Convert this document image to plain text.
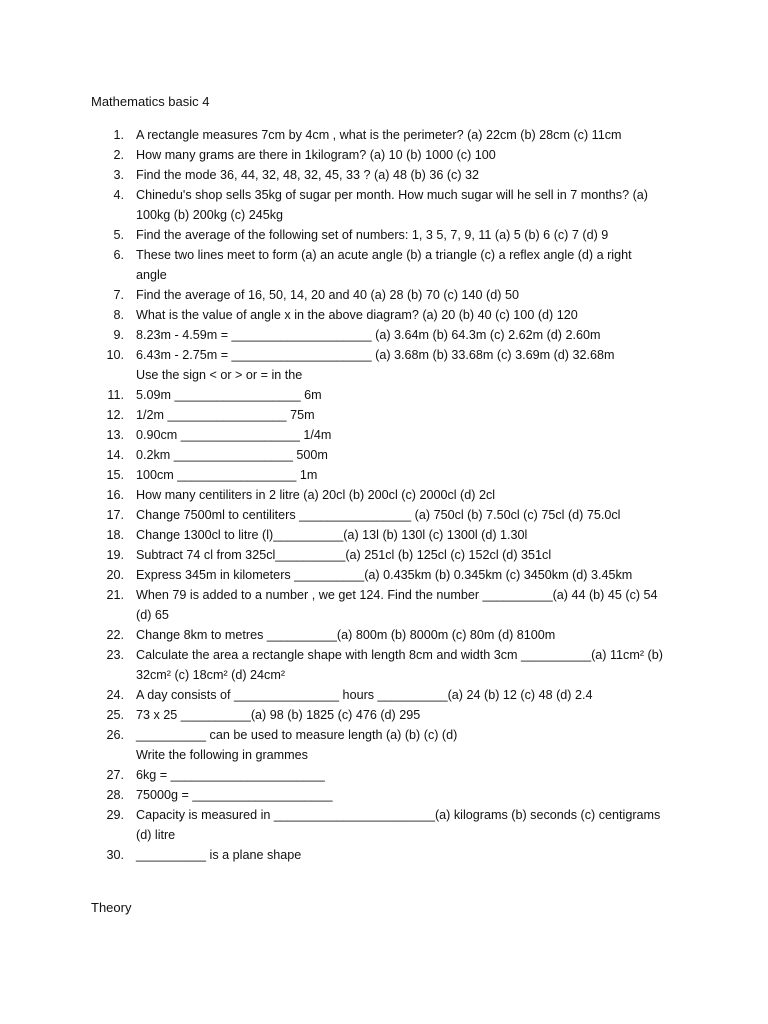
Mathematics basic 4
1. A rectangle measures 7cm by 4cm , what is the perimeter? (a) 22cm (b) 28cm (c) 11cm
2. How many grams are there in 1kilogram? (a) 10 (b) 1000 (c) 100
3. Find the mode 36, 44, 32, 48, 32, 45, 33 ? (a) 48 (b) 36 (c) 32
4. Chinedu's shop sells 35kg of sugar per month. How much sugar will he sell in 7 months? (a)
100kg (b) 200kg (c) 245kg
5. Find the average of the following set of numbers: 1, 3 5, 7, 9, 11 (a) 5 (b) 6 (c) 7 (d) 9
6. These two lines meet to form (a) an acute angle (b) a triangle (c) a reflex angle (d) a right
angle
7. Find the average of 16, 50, 14, 20 and 40 (a) 28 (b) 70 (c) 140 (d) 50
8. What is the value of angle x in the above diagram? (a) 20 (b) 40 (c) 100 (d) 120
9. 8.23m - 4.59m = ____________________ (a) 3.64m (b) 64.3m (c) 2.62m (d) 2.60m
10. 6.43m - 2.75m = ____________________ (a) 3.68m (b) 33.68m (c) 3.69m (d) 32.68m
Use the sign < or > or = in the
11. 5.09m __________________ 6m
12. 1/2m _________________ 75m
13. 0.90cm _________________ 1/4m
14. 0.2km _________________ 500m
15. 100cm _________________ 1m
16. How many centiliters in 2 litre (a) 20cl (b) 200cl (c) 2000cl (d) 2cl
17. Change 7500ml to centiliters ________________ (a) 750cl (b) 7.50cl (c) 75cl (d) 75.0cl
18. Change 1300cl to litre (l)__________(a) 13l (b) 130l (c) 1300l (d) 1.30l
19. Subtract 74 cl from 325cl__________(a) 251cl (b) 125cl (c) 152cl (d) 351cl
20. Express 345m in kilometers __________(a) 0.435km (b) 0.345km (c) 3450km (d) 3.45km
21. When 79 is added to a number , we get 124. Find the number __________(a) 44 (b) 45 (c) 54
(d) 65
22. Change 8km to metres __________(a) 800m (b) 8000m (c) 80m (d) 8100m
23. Calculate the area a rectangle shape with length 8cm and width 3cm __________(a) 11cm² (b)
32cm² (c) 18cm² (d) 24cm²
24. A day consists of _______________ hours __________(a) 24 (b) 12 (c) 48 (d) 2.4
25. 73 x 25 __________(a) 98 (b) 1825 (c) 476 (d) 295
26. __________ can be used to measure length (a) (b) (c) (d)
Write the following in grammes
27. 6kg = ______________________
28. 75000g = ____________________
29. Capacity is measured in _______________________(a) kilograms (b) seconds (c) centigrams
(d) litre
30. __________ is a plane shape
Theory
